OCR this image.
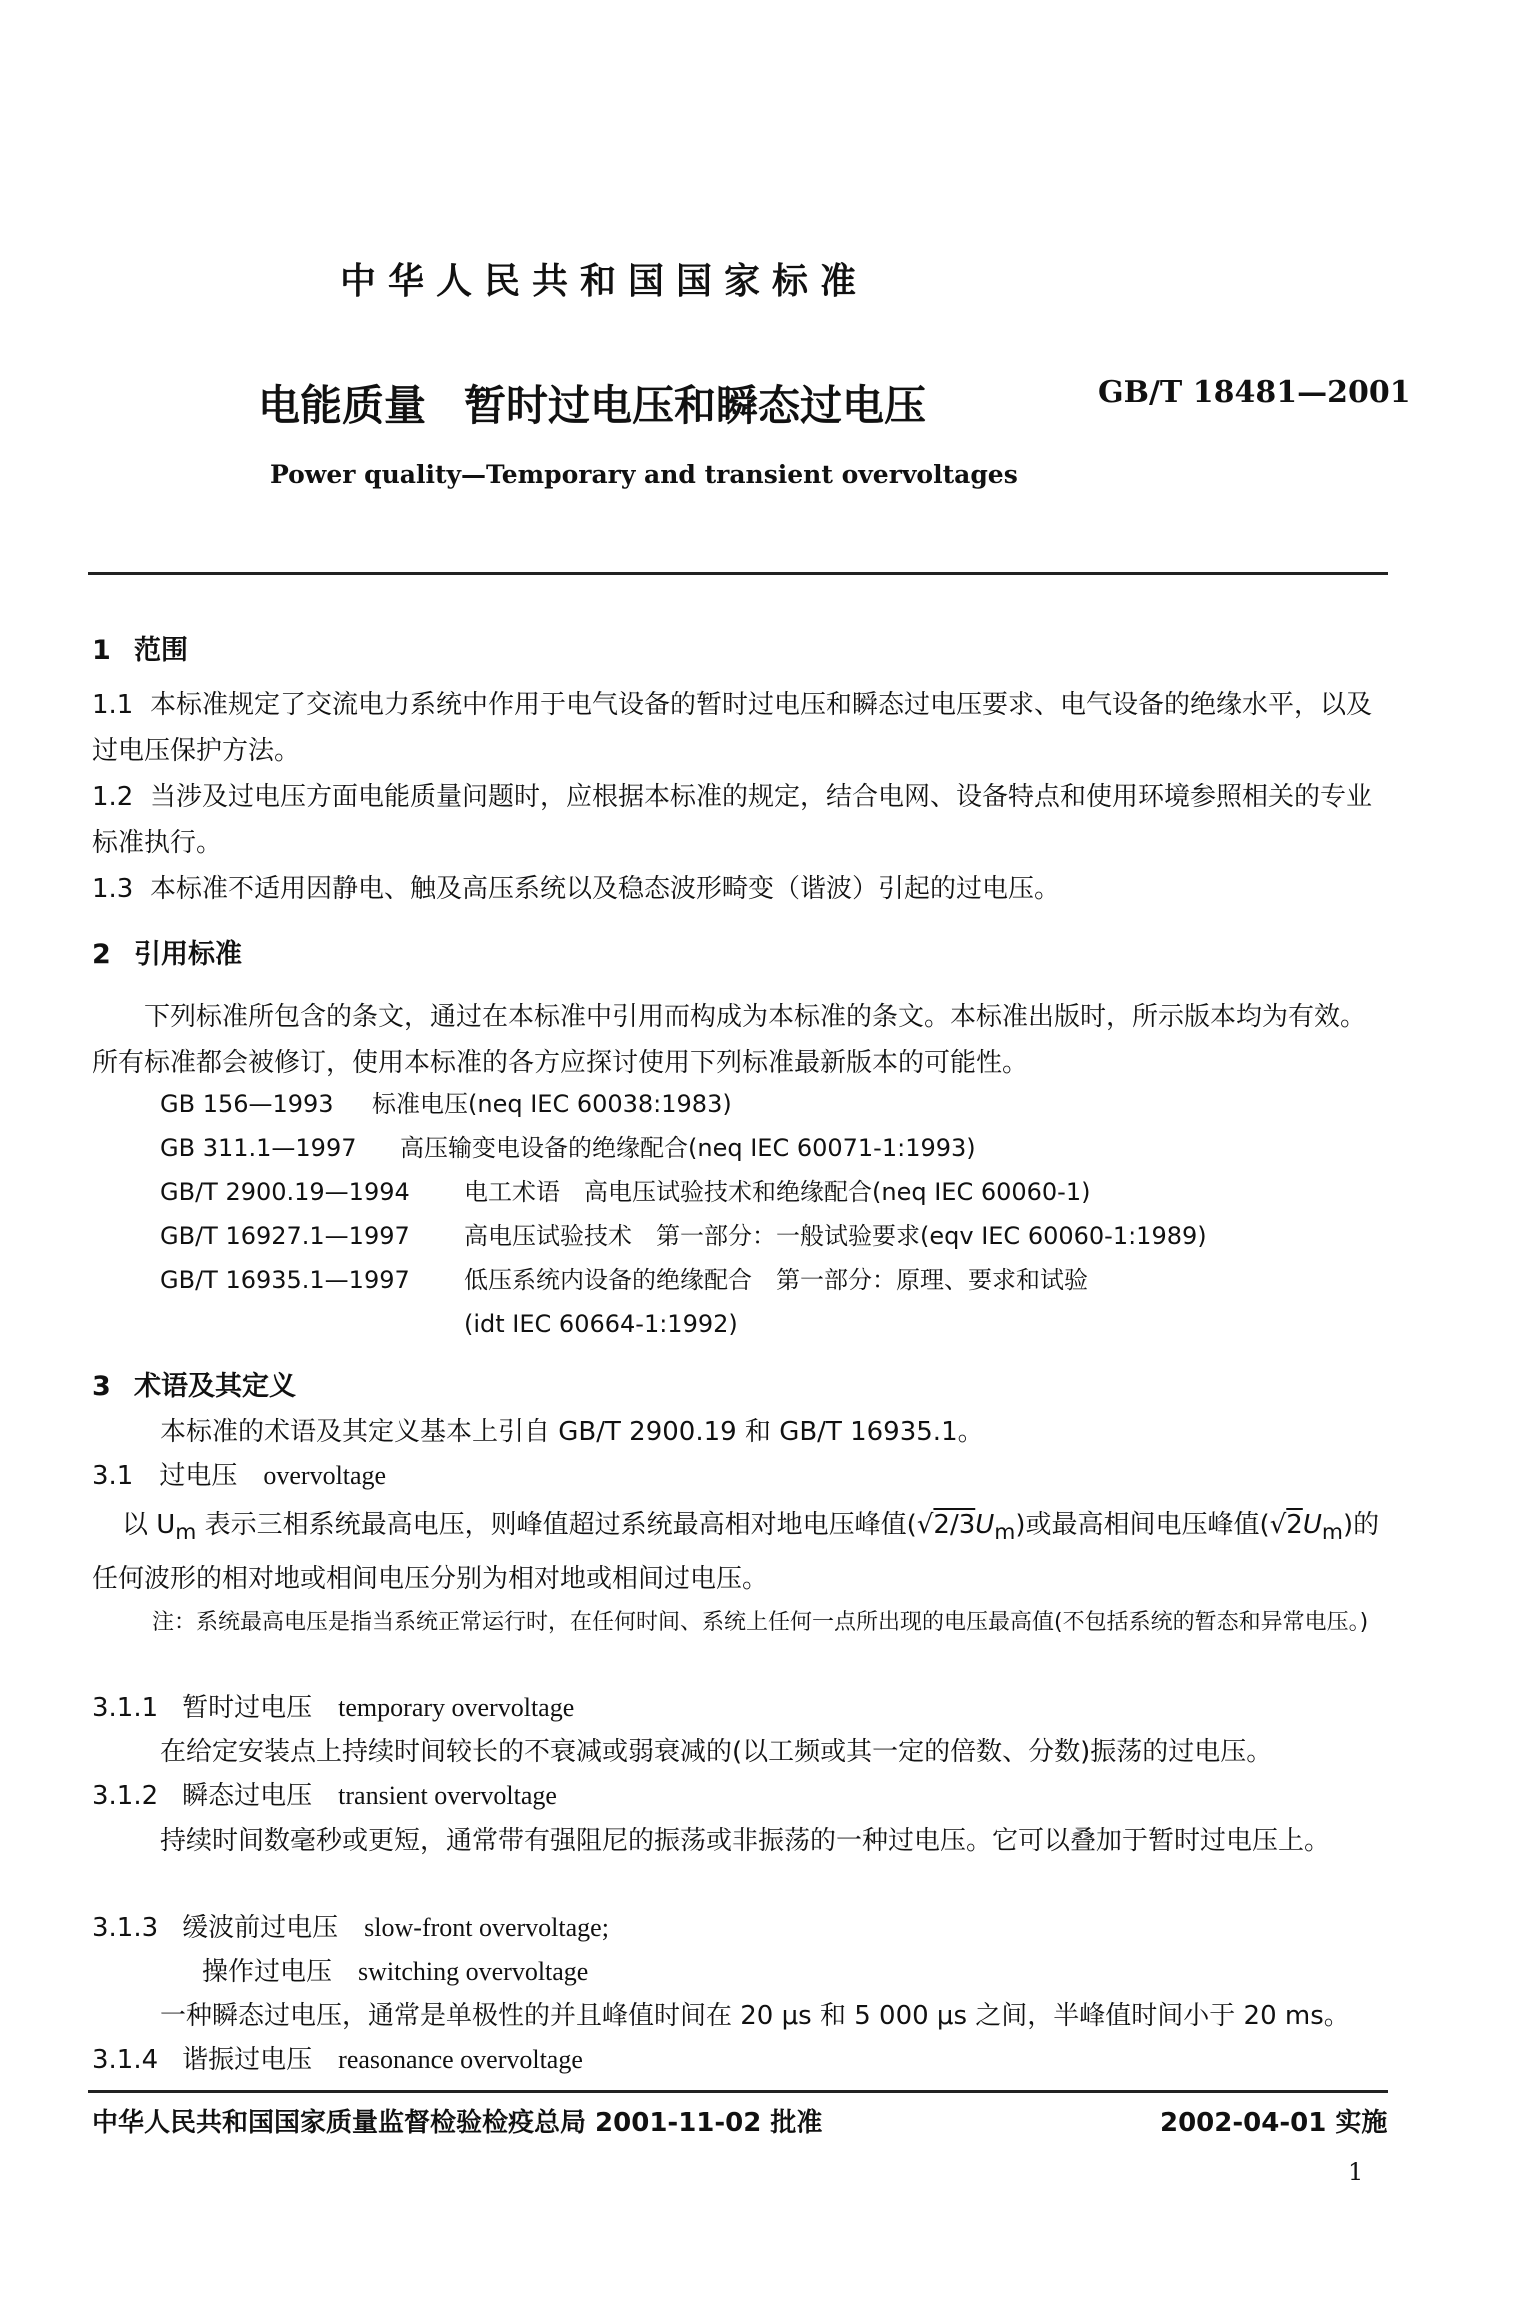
中华人民共和国国家标准
电能质量 暂时过电压和瞬态过电压	GB/T 18481—2001
Power quality—Temporary and transient overvoltages
1 范围
1.1 本标准规定了交流电力系统中作用于电气设备的暂时过电压和瞬态过电压要求、电气设备的绝缘水平，以及过电压保护方法。
1.2 当涉及过电压方面电能质量问题时，应根据本标准的规定，结合电网、设备特点和使用环境参照相关的专业标准执行。
1.3 本标准不适用因静电、触及高压系统以及稳态波形畸变（谐波）引起的过电压。
2 引用标准
下列标准所包含的条文，通过在本标准中引用而构成为本标准的条文。本标准出版时，所示版本均为有效。所有标准都会被修订，使用本标准的各方应探讨使用下列标准最新版本的可能性。
GB 156—1993 标准电压(neq IEC 60038:1983)
GB 311.1—1997 高压输变电设备的绝缘配合(neq IEC 60071-1:1993)
GB/T 2900.19—1994 电工术语　高电压试验技术和绝缘配合(neq IEC 60060-1)
GB/T 16927.1—1997 高电压试验技术　第一部分：一般试验要求(eqv IEC 60060-1:1989)
GB/T 16935.1—1997 低压系统内设备的绝缘配合　第一部分：原理、要求和试验
(idt IEC 60664-1:1992)
3 术语及其定义
本标准的术语及其定义基本上引自 GB/T 2900.19 和 GB/T 16935.1。
3.1 过电压 overvoltage
以 $U_m$ 表示三相系统最高电压，则峰值超过系统最高相对地电压峰值$(√2/3U_m)$或最高相间电压峰值$(√2U_m)$的任何波形的相对地或相间电压分别为相对地或相间过电压。
注：系统最高电压是指当系统正常运行时，在任何时间、系统上任何一点所出现的电压最高值(不包括系统的暂态和异常电压。)
3.1.1 暂时过电压 temporary overvoltage
在给定安装点上持续时间较长的不衰减或弱衰减的(以工频或其一定的倍数、分数)振荡的过电压。
3.1.2 瞬态过电压 transient overvoltage
持续时间数毫秒或更短，通常带有强阻尼的振荡或非振荡的一种过电压。它可以叠加于暂时过电压上。
3.1.3 缓波前过电压 slow-front overvoltage;
操作过电压 switching overvoltage
一种瞬态过电压，通常是单极性的并且峰值时间在 20 μs 和 5 000 μs 之间，半峰值时间小于 20 ms。
3.1.4 谐振过电压 reasonance overvoltage
中华人民共和国国家质量监督检验检疫总局 2001-11-02 批准	2002-04-01 实施
1
